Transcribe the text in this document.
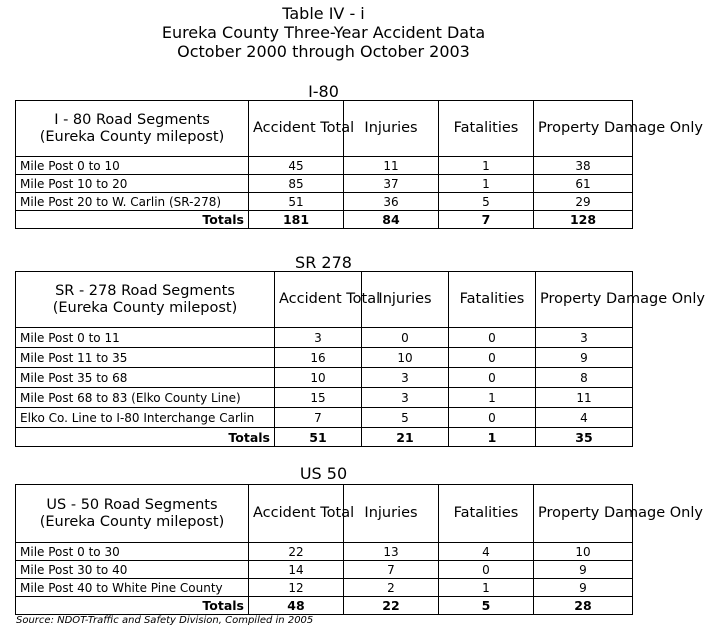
Table IV - i
Eureka County Three-Year Accident Data
October 2000 through October 2003
I-80
I - 80 Road Segments
(Eureka County milepost)	Accident Total	Injuries	Fatalities	Property Damage Only
Mile Post 0 to 10	45	11	1	38
Mile Post 10 to 20	85	37	1	61
Mile Post 20 to W. Carlin (SR-278)	51	36	5	29
Totals	181	84	7	128
SR 278
SR - 278 Road Segments
(Eureka County milepost)	Accident Total	Injuries	Fatalities	Property Damage Only
Mile Post 0 to 11	3	0	0	3
Mile Post 11 to 35	16	10	0	9
Mile Post 35 to 68	10	3	0	8
Mile Post 68 to 83 (Elko County Line)	15	3	1	11
Elko Co. Line to I-80 Interchange Carlin	7	5	0	4
Totals	51	21	1	35
US 50
US - 50 Road Segments
(Eureka County milepost)	Accident Total	Injuries	Fatalities	Property Damage Only
Mile Post 0 to 30	22	13	4	10
Mile Post 30 to 40	14	7	0	9
Mile Post 40 to White Pine County	12	2	1	9
Totals	48	22	5	28
Source: NDOT-Traffic and Safety Division, Compiled in 2005
